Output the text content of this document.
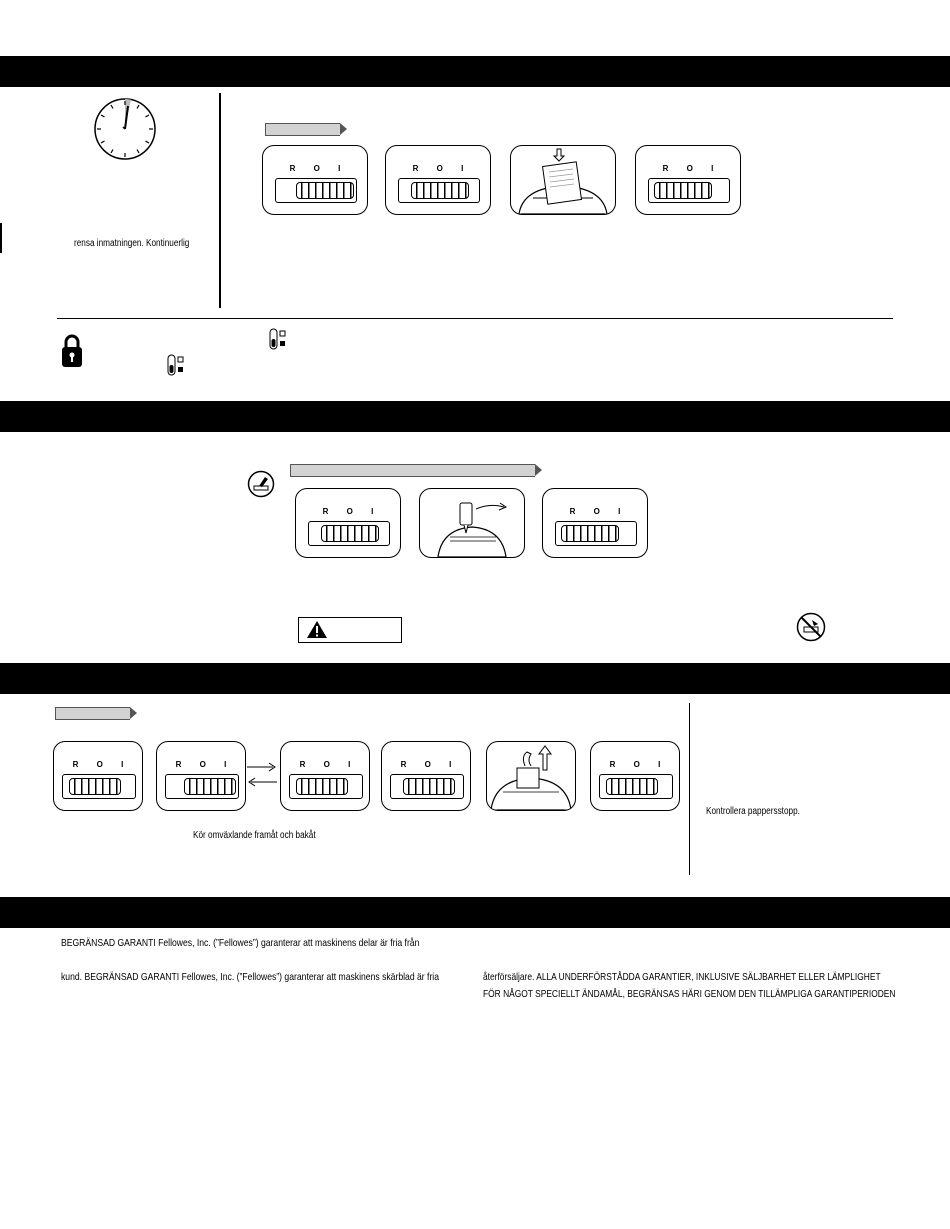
rensa inmatningen. Kontinuerlig
R O I	R O I	R O I
R O I	R O I
R O I	R O I	R O I	R O I	R O I
Kör omväxlande framåt och bakåt
Kontrollera pappersstopp.
BEGRÄNSAD GARANTI Fellowes, Inc. (”Fellowes”) garanterar att maskinens delar är fria från
kund. BEGRÄNSAD GARANTI Fellowes, Inc. (”Fellowes”) garanterar att maskinens skärblad är fria	återförsäljare. ALLA UNDERFÖRSTÅDDA GARANTIER, INKLUSIVE SÄLJBARHET ELLER LÄMPLIGHET
FÖR NÅGOT SPECIELLT ÄNDAMÅL, BEGRÄNSAS HÄRI GENOM DEN TILLÄMPLIGA GARANTIPERIODEN
